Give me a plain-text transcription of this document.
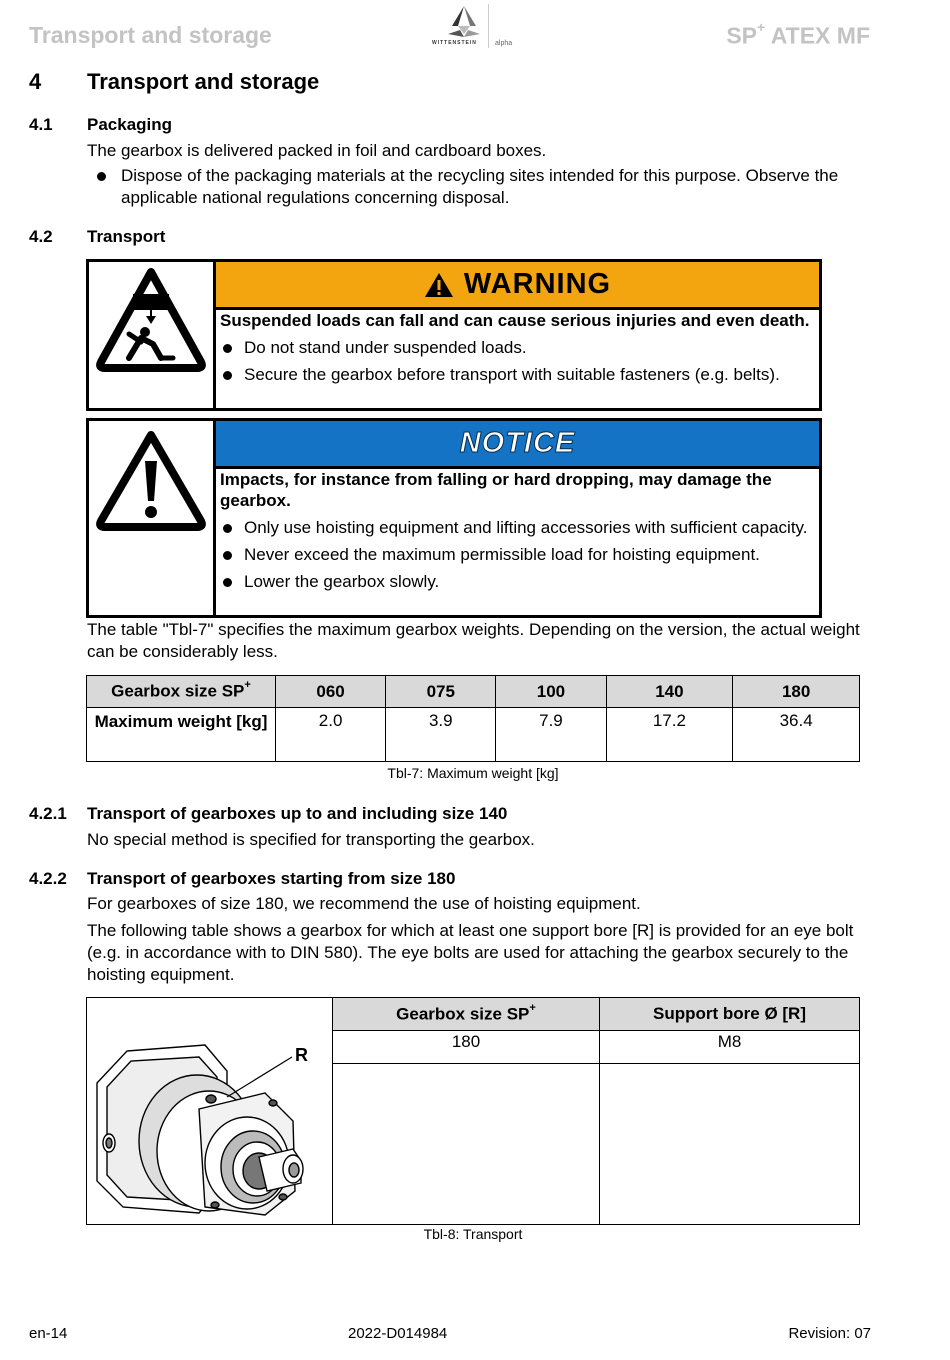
Transport and storage	WITTENSTEIN	alpha	SP+ ATEX MF
4 Transport and storage
4.1 Packaging
The gearbox is delivered packed in foil and cardboard boxes.
Dispose of the packaging materials at the recycling sites intended for this purpose. Observe the applicable national regulations concerning disposal.
4.2 Transport
WARNING
Suspended loads can fall and can cause serious injuries and even death.
Do not stand under suspended loads.
Secure the gearbox before transport with suitable fasteners (e.g. belts).
NOTICE
Impacts, for instance from falling or hard dropping, may damage the gearbox.
Only use hoisting equipment and lifting accessories with sufficient capacity.
Never exceed the maximum permissible load for hoisting equipment.
Lower the gearbox slowly.
The table "Tbl-7" specifies the maximum gearbox weights. Depending on the version, the actual weight can be considerably less.
Gearbox size SP+	060	075	100	140	180
Maximum weight [kg]	2.0	3.9	7.9	17.2	36.4
Tbl-7: Maximum weight [kg]
4.2.1 Transport of gearboxes up to and including size 140
No special method is specified for transporting the gearbox.
4.2.2 Transport of gearboxes starting from size 180
For gearboxes of size 180, we recommend the use of hoisting equipment.
The following table shows a gearbox for which at least one support bore [R] is provided for an eye bolt (e.g. in accordance with to DIN 580). The eye bolts are used for attaching the gearbox securely to the hoisting equipment.
	Gearbox size SP+	Support bore Ø [R]

R	180	M8

Tbl-8: Transport
en-14	2022-D014984	Revision: 07
